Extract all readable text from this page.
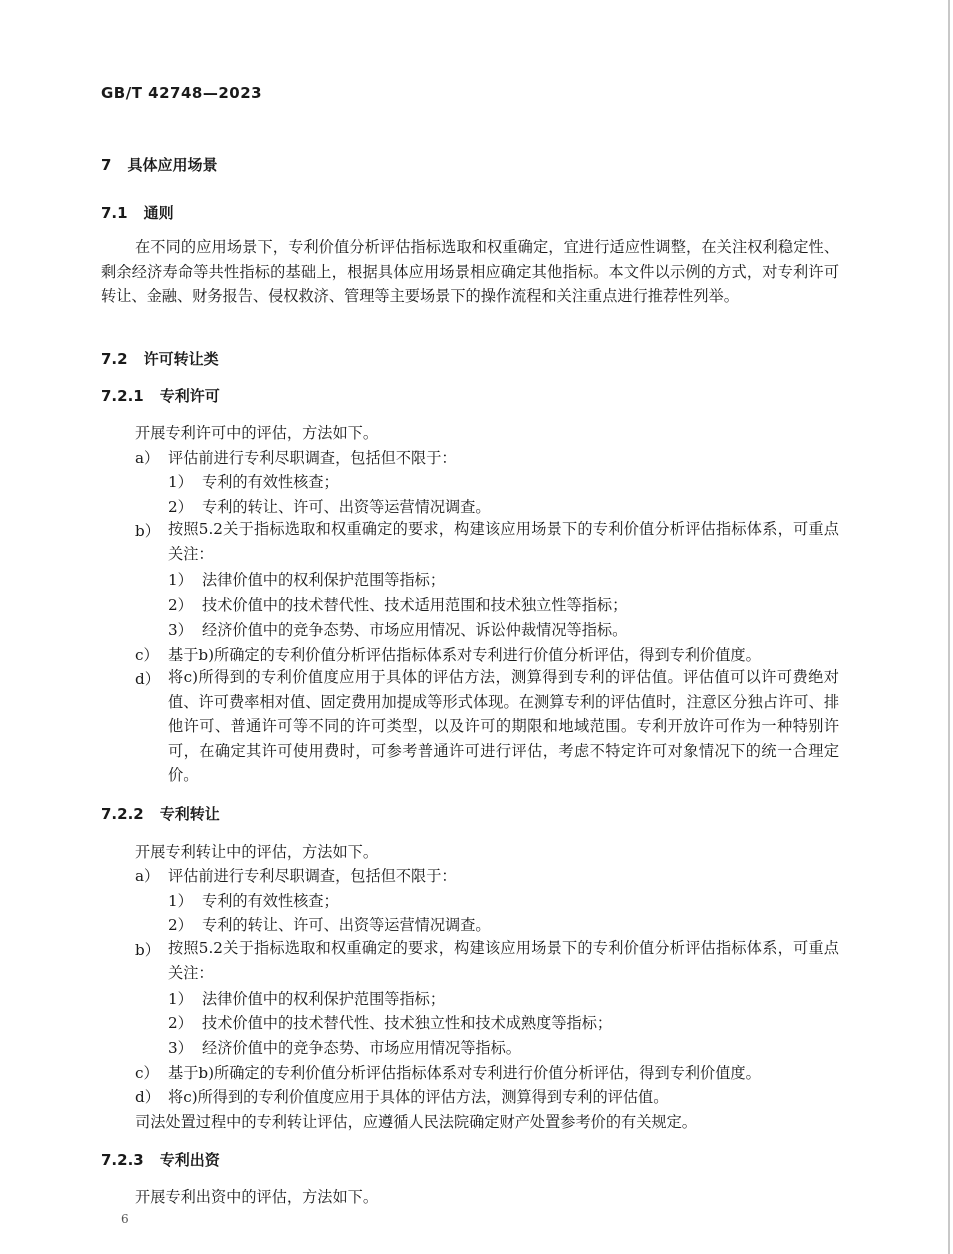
GB/T 42748—2023
7 具体应用场景
7.1 通则

在不同的应用场景下，专利价值分析评估指标选取和权重确定，宜进行适应性调整，在关注权利稳定性、剩余经济寿命等共性指标的基础上，根据具体应用场景相应确定其他指标。本文件以示例的方式，对专利许可转让、金融、财务报告、侵权救济、管理等主要场景下的操作流程和关注重点进行推荐性列举。

7.2 许可转让类
7.2.1 专利许可
开展专利许可中的评估，方法如下。
a） 评估前进行专利尽职调查，包括但不限于：
1） 专利的有效性核查；
2） 专利的转让、许可、出资等运营情况调查。
b） 按照5.2关于指标选取和权重确定的要求，构建该应用场景下的专利价值分析评估指标体系，可重点关注：

1） 法律价值中的权利保护范围等指标；
2） 技术价值中的技术替代性、技术适用范围和技术独立性等指标；
3） 经济价值中的竞争态势、市场应用情况、诉讼仲裁情况等指标。
c） 基于b)所确定的专利价值分析评估指标体系对专利进行价值分析评估，得到专利价值度。
d） 将c)所得到的专利价值度应用于具体的评估方法，测算得到专利的评估值。评估值可以许可费绝对值、许可费率相对值、固定费用加提成等形式体现。在测算专利的评估值时，注意区分独占许可、排他许可、普通许可等不同的许可类型，以及许可的期限和地域范围。专利开放许可作为一种特别许可，在确定其许可使用费时，可参考普通许可进行评估，考虑不特定许可对象情况下的统一合理定价。

7.2.2 专利转让
开展专利转让中的评估，方法如下。
a） 评估前进行专利尽职调查，包括但不限于：
1） 专利的有效性核查；
2） 专利的转让、许可、出资等运营情况调查。
b） 按照5.2关于指标选取和权重确定的要求，构建该应用场景下的专利价值分析评估指标体系，可重点关注：

1） 法律价值中的权利保护范围等指标；
2） 技术价值中的技术替代性、技术独立性和技术成熟度等指标；
3） 经济价值中的竞争态势、市场应用情况等指标。
c） 基于b)所确定的专利价值分析评估指标体系对专利进行价值分析评估，得到专利价值度。
d） 将c)所得到的专利价值度应用于具体的评估方法，测算得到专利的评估值。
司法处置过程中的专利转让评估，应遵循人民法院确定财产处置参考价的有关规定。
7.2.3 专利出资
开展专利出资中的评估，方法如下。
6
